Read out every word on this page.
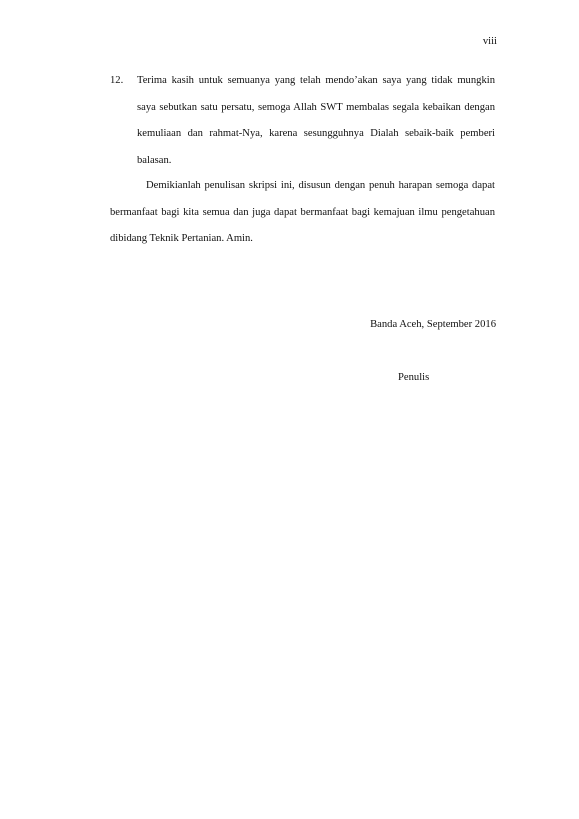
viii
12. Terima kasih untuk semuanya yang telah mendo’akan saya yang tidak mungkin saya sebutkan satu persatu, semoga Allah SWT membalas segala kebaikan dengan kemuliaan dan rahmat-Nya, karena sesungguhnya Dialah sebaik-baik pemberi balasan.

Demikianlah penulisan skripsi ini, disusun dengan penuh harapan semoga dapat bermanfaat bagi kita semua dan juga dapat bermanfaat bagi kemajuan ilmu pengetahuan dibidang Teknik Pertanian. Amin.

Banda Aceh, September 2016
Penulis
